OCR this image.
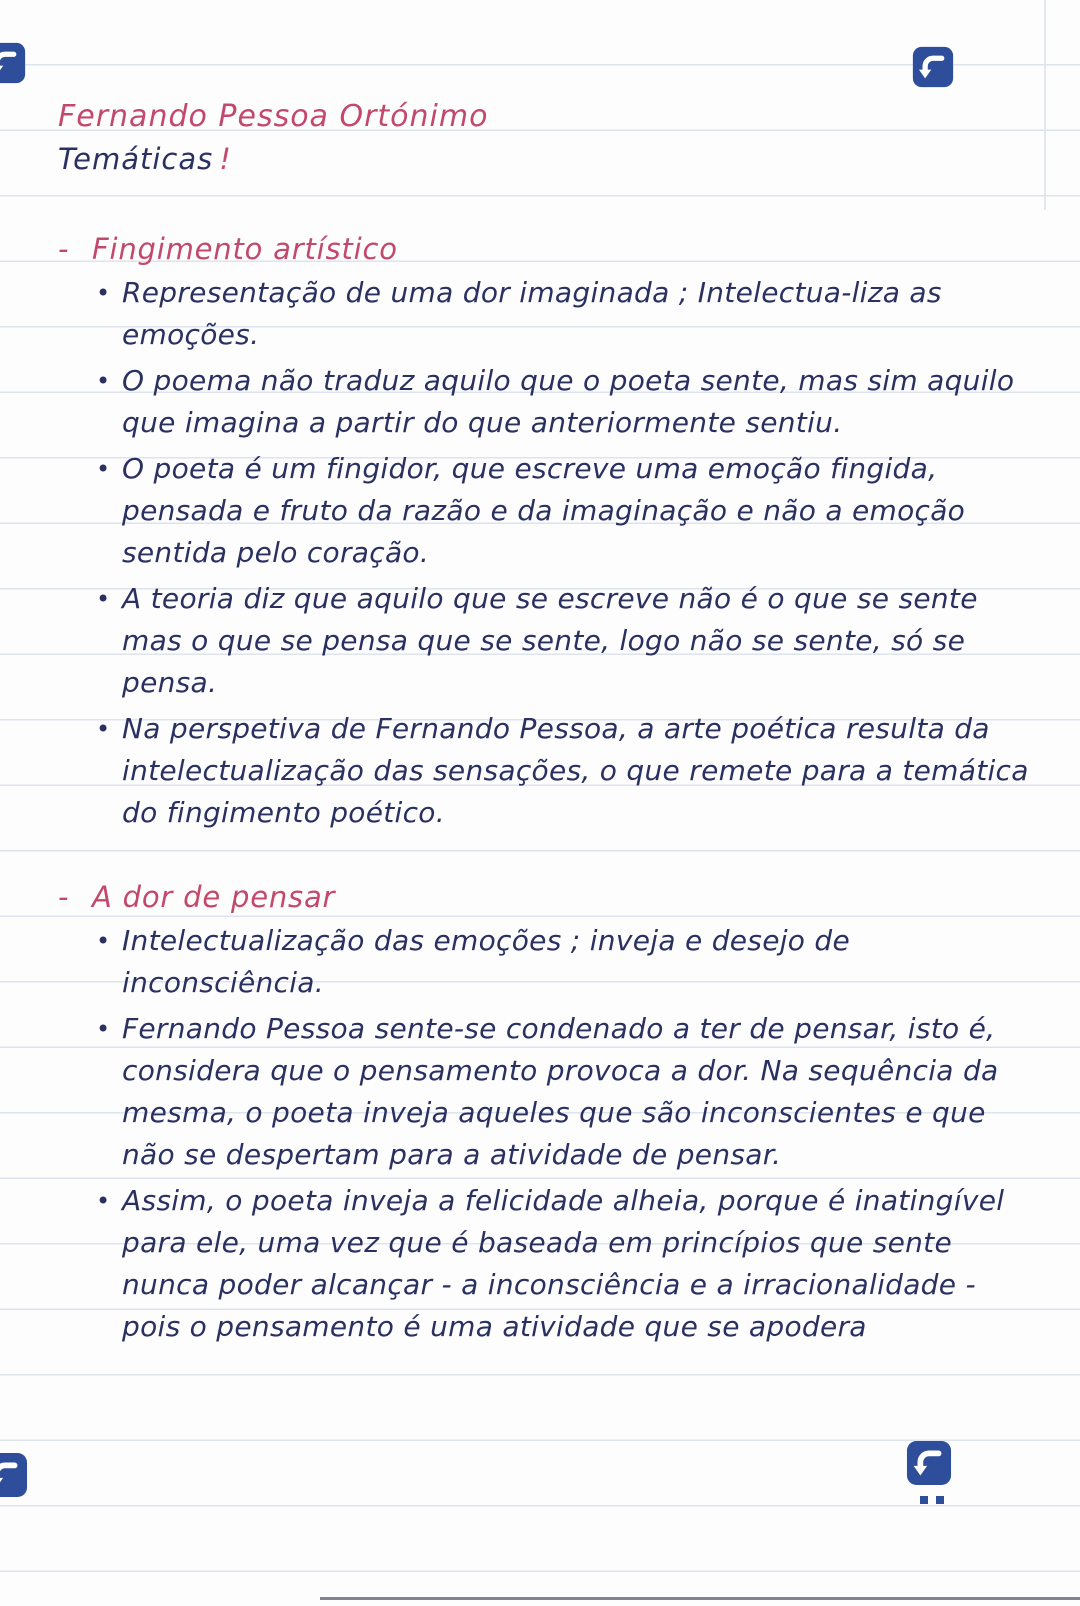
Fernando Pessoa Ortónimo
Temáticas !
- Fingimento artístico
• Representação de uma dor imaginada ; Intelectua-liza as emoções.
• O poema não traduz aquilo que o poeta sente, mas sim aquilo que imagina a partir do que anteriormente sentiu.
• O poeta é um fingidor, que escreve uma emoção fingida, pensada e fruto da razão e da imaginação e não a emoção sentida pelo coração.
• A teoria diz que aquilo que se escreve não é o que se sente mas o que se pensa que se sente, logo não se sente, só se pensa.
• Na perspetiva de Fernando Pessoa, a arte poética resulta da intelectualização das sensações, o que remete para a temática do fingimento poético.
- A dor de pensar
• Intelectualização das emoções ; inveja e desejo de inconsciência.
• Fernando Pessoa sente-se condenado a ter de pensar, isto é, considera que o pensamento provoca a dor. Na sequência da mesma, o poeta inveja aqueles que são inconscientes e que não se despertam para a atividade de pensar.
• Assim, o poeta inveja a felicidade alheia, porque é inatingível para ele, uma vez que é baseada em princípios que sente nunca poder alcançar - a inconsciência e a irracionalidade - pois o pensamento é uma atividade que se apodera
